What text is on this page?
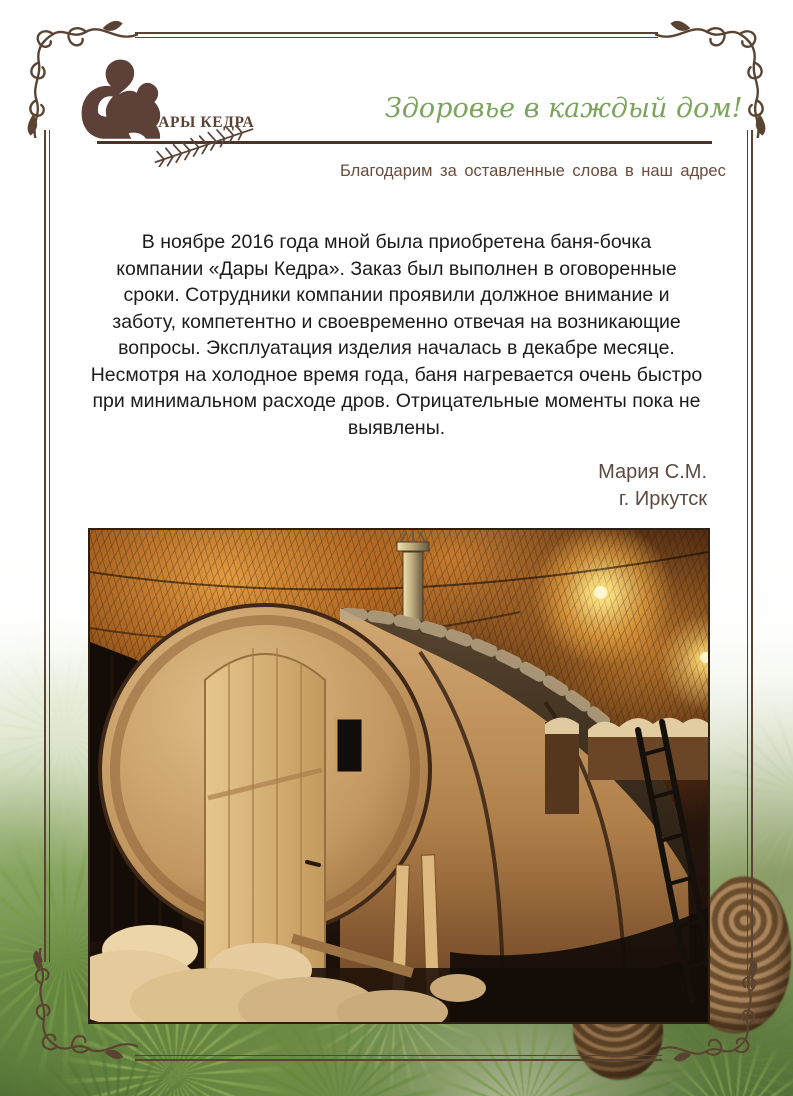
ДАРЫ КЕДРА	Здоровье в каждый дом!
Благодарим за оставленные слова в наш адрес
В ноябре 2016 года мной была приобретена баня-бочка
компании «Дары Кедра». Заказ был выполнен в оговоренные
сроки. Сотрудники компании проявили должное внимание и
заботу, компетентно и своевременно отвечая на возникающие
вопросы. Эксплуатация изделия началась в декабре месяце.
Несмотря на холодное время года, баня нагревается очень быстро
при минимальном расходе дров. Отрицательные моменты пока не
выявлены.
Мария С.М.
г. Иркутск
